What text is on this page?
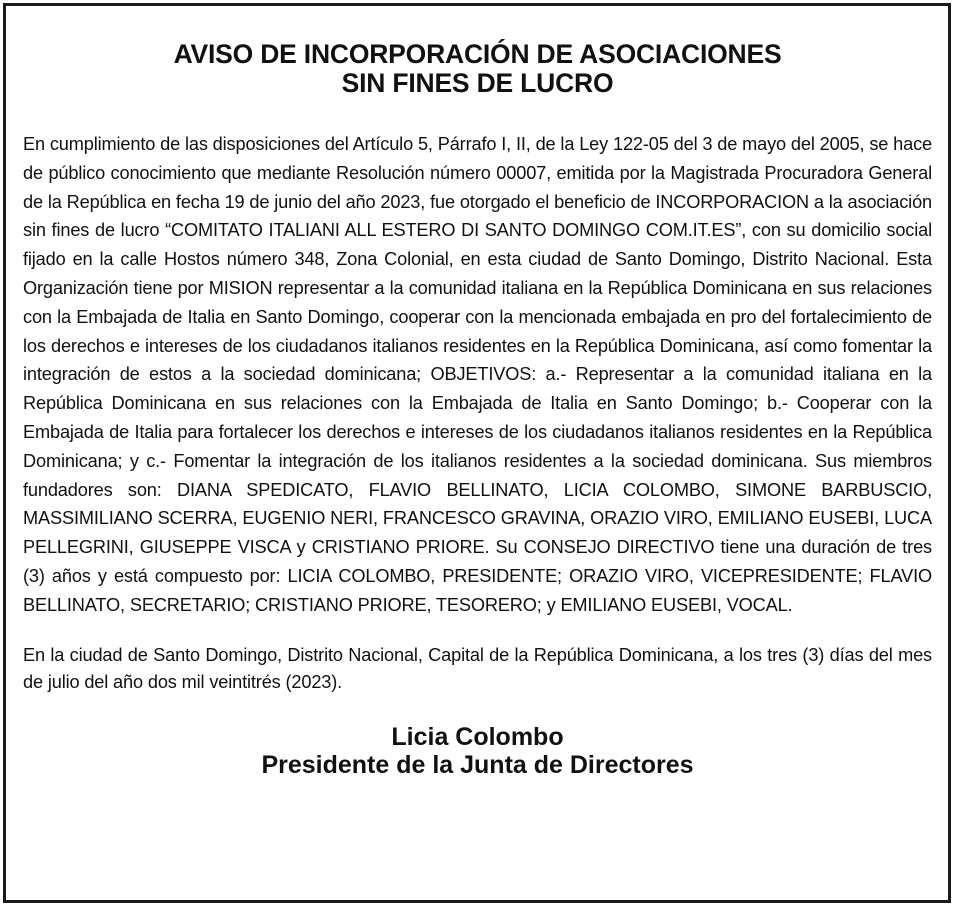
AVISO DE INCORPORACIÓN DE ASOCIACIONES
SIN FINES DE LUCRO

En cumplimiento de las disposiciones del Artículo 5, Párrafo I, II, de la Ley 122-05 del 3 de mayo del 2005, se hace de público conocimiento que mediante Resolución número 00007, emitida por la Magistrada Procuradora General de la República en fecha 19 de junio del año 2023, fue otorgado el beneficio de INCORPORACION a la asociación sin fines de lucro “COMITATO ITALIANI ALL ESTERO DI SANTO DOMINGO COM.IT.ES”, con su domicilio social fijado en la calle Hostos número 348, Zona Colonial, en esta ciudad de Santo Domingo, Distrito Nacional. Esta Organización tiene por MISION representar a la comunidad italiana en la República Dominicana en sus relaciones con la Embajada de Italia en Santo Domingo, cooperar con la mencionada embajada en pro del fortalecimiento de los derechos e intereses de los ciudadanos italianos residentes en la República Dominicana, así como fomentar la integración de estos a la sociedad dominicana; OBJETIVOS: a.- Representar a la comunidad italiana en la República Dominicana en sus relaciones con la Embajada de Italia en Santo Domingo; b.- Cooperar con la Embajada de Italia para fortalecer los derechos e intereses de los ciudadanos italianos residentes en la República Dominicana; y c.- Fomentar la integración de los italianos residentes a la sociedad dominicana. Sus miembros fundadores son: DIANA SPEDICATO, FLAVIO BELLINATO, LICIA COLOMBO, SIMONE BARBUSCIO, MASSIMILIANO SCERRA, EUGENIO NERI, FRANCESCO GRAVINA, ORAZIO VIRO, EMILIANO EUSEBI, LUCA PELLEGRINI, GIUSEPPE VISCA y CRISTIANO PRIORE. Su CONSEJO DIRECTIVO tiene una duración de tres (3) años y está compuesto por: LICIA COLOMBO, PRESIDENTE; ORAZIO VIRO, VICEPRESIDENTE; FLAVIO BELLINATO, SECRETARIO; CRISTIANO PRIORE, TESORERO; y EMILIANO EUSEBI, VOCAL.

En la ciudad de Santo Domingo, Distrito Nacional, Capital de la República Dominicana, a los tres (3) días del mes de julio del año dos mil veintitrés (2023).

Licia Colombo
Presidente de la Junta de Directores
